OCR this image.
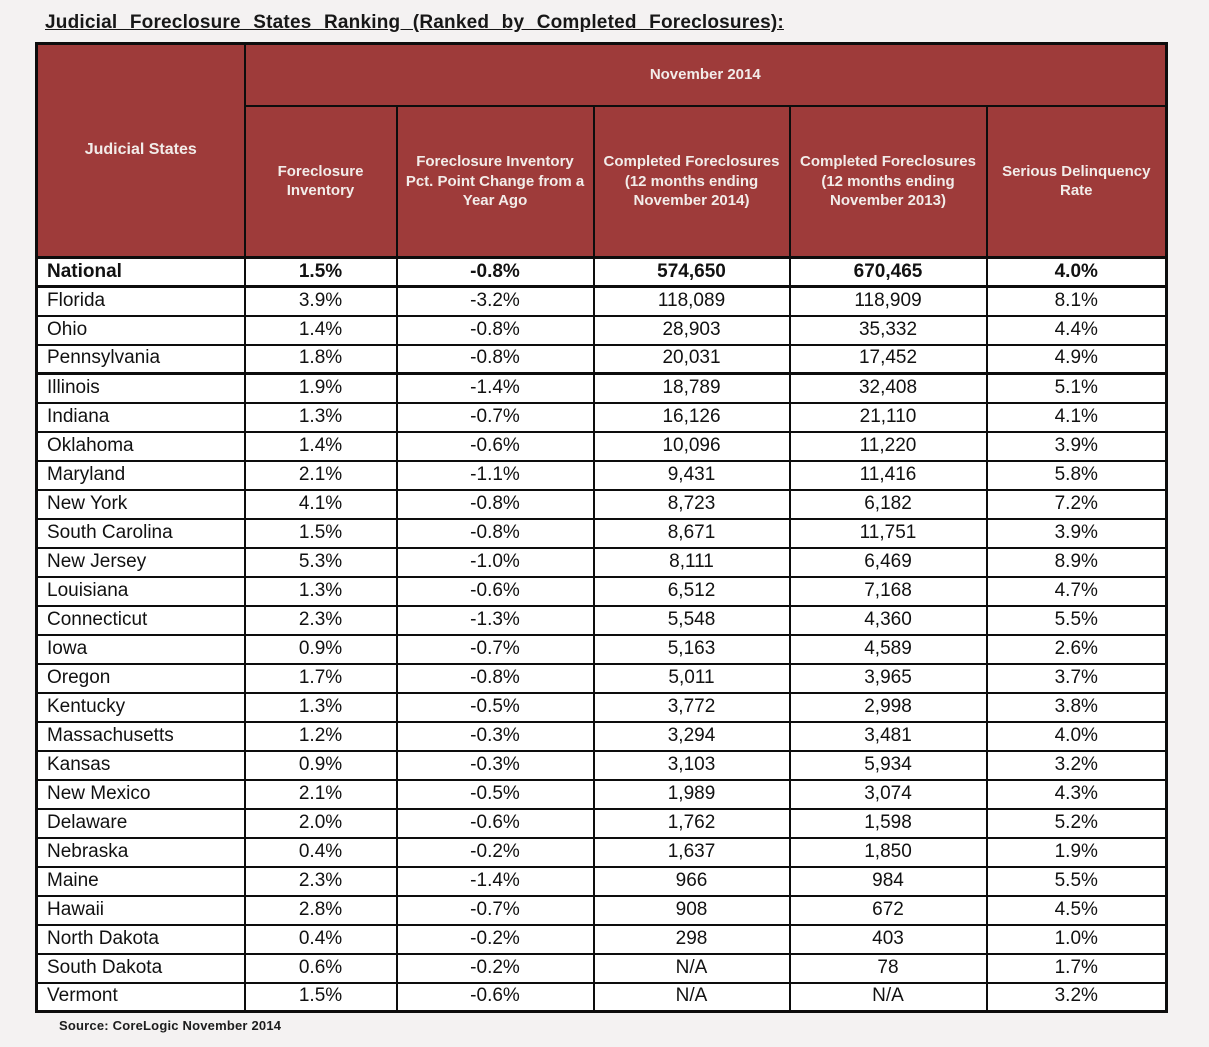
Judicial Foreclosure States Ranking (Ranked by Completed Foreclosures):
Judicial States	November 2014				
	Foreclosure Inventory	Foreclosure Inventory Pct. Point Change from a Year Ago	Completed Foreclosures (12 months ending November 2014)	Completed Foreclosures (12 months ending November 2013)	Serious Delinquency Rate
National	1.5%	-0.8%	574,650	670,465	4.0%
Florida	3.9%	-3.2%	118,089	118,909	8.1%
Ohio	1.4%	-0.8%	28,903	35,332	4.4%
Pennsylvania	1.8%	-0.8%	20,031	17,452	4.9%
Illinois	1.9%	-1.4%	18,789	32,408	5.1%
Indiana	1.3%	-0.7%	16,126	21,110	4.1%
Oklahoma	1.4%	-0.6%	10,096	11,220	3.9%
Maryland	2.1%	-1.1%	9,431	11,416	5.8%
New York	4.1%	-0.8%	8,723	6,182	7.2%
South Carolina	1.5%	-0.8%	8,671	11,751	3.9%
New Jersey	5.3%	-1.0%	8,111	6,469	8.9%
Louisiana	1.3%	-0.6%	6,512	7,168	4.7%
Connecticut	2.3%	-1.3%	5,548	4,360	5.5%
Iowa	0.9%	-0.7%	5,163	4,589	2.6%
Oregon	1.7%	-0.8%	5,011	3,965	3.7%
Kentucky	1.3%	-0.5%	3,772	2,998	3.8%
Massachusetts	1.2%	-0.3%	3,294	3,481	4.0%
Kansas	0.9%	-0.3%	3,103	5,934	3.2%
New Mexico	2.1%	-0.5%	1,989	3,074	4.3%
Delaware	2.0%	-0.6%	1,762	1,598	5.2%
Nebraska	0.4%	-0.2%	1,637	1,850	1.9%
Maine	2.3%	-1.4%	966	984	5.5%
Hawaii	2.8%	-0.7%	908	672	4.5%
North Dakota	0.4%	-0.2%	298	403	1.0%
South Dakota	0.6%	-0.2%	N/A	78	1.7%
Vermont	1.5%	-0.6%	N/A	N/A	3.2%
Source: CoreLogic November 2014
